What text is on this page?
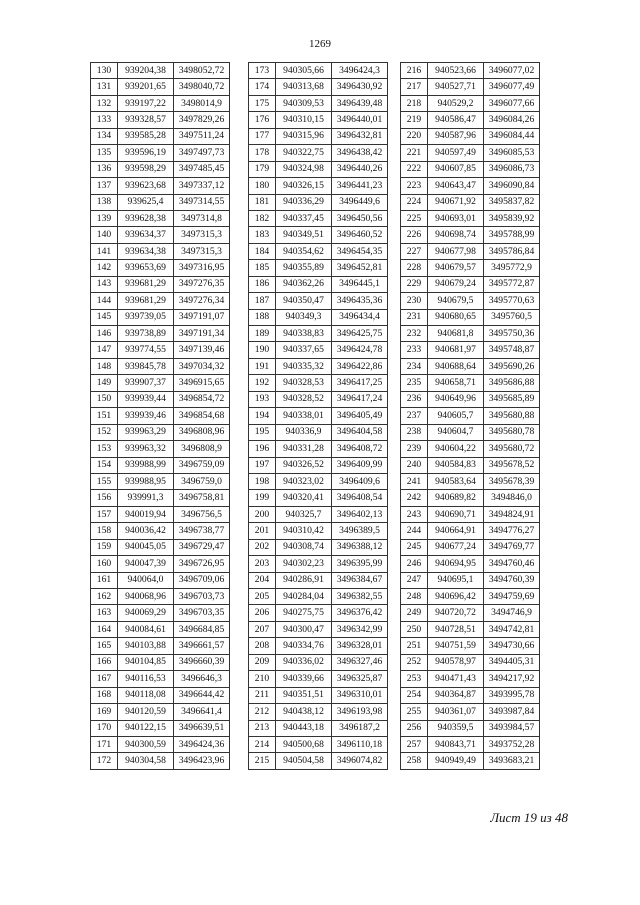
1269
130	939204,38	3498052,72
131	939201,65	3498040,72
132	939197,22	3498014,9
133	939328,57	3497829,26
134	939585,28	3497511,24
135	939596,19	3497497,73
136	939598,29	3497485,45
137	939623,68	3497337,12
138	939625,4	3497314,55
139	939628,38	3497314,8
140	939634,37	3497315,3
141	939634,38	3497315,3
142	939653,69	3497316,95
143	939681,29	3497276,35
144	939681,29	3497276,34
145	939739,05	3497191,07
146	939738,89	3497191,34
147	939774,55	3497139,46
148	939845,78	3497034,32
149	939907,37	3496915,65
150	939939,44	3496854,72
151	939939,46	3496854,68
152	939963,29	3496808,96
153	939963,32	3496808,9
154	939988,99	3496759,09
155	939988,95	3496759,0
156	939991,3	3496758,81
157	940019,94	3496756,5
158	940036,42	3496738,77
159	940045,05	3496729,47
160	940047,39	3496726,95
161	940064,0	3496709,06
162	940068,96	3496703,73
163	940069,29	3496703,35
164	940084,61	3496684,85
165	940103,88	3496661,57
166	940104,85	3496660,39
167	940116,53	3496646,3
168	940118,08	3496644,42
169	940120,59	3496641,4
170	940122,15	3496639,51
171	940300,59	3496424,36
172	940304,58	3496423,96
173	940305,66	3496424,3
174	940313,68	3496430,92
175	940309,53	3496439,48
176	940310,15	3496440,01
177	940315,96	3496432,81
178	940322,75	3496438,42
179	940324,98	3496440,26
180	940326,15	3496441,23
181	940336,29	3496449,6
182	940337,45	3496450,56
183	940349,51	3496460,52
184	940354,62	3496454,35
185	940355,89	3496452,81
186	940362,26	3496445,1
187	940350,47	3496435,36
188	940349,3	3496434,4
189	940338,83	3496425,75
190	940337,65	3496424,78
191	940335,32	3496422,86
192	940328,53	3496417,25
193	940328,52	3496417,24
194	940338,01	3496405,49
195	940336,9	3496404,58
196	940331,28	3496408,72
197	940326,52	3496409,99
198	940323,02	3496409,6
199	940320,41	3496408,54
200	940325,7	3496402,13
201	940310,42	3496389,5
202	940308,74	3496388,12
203	940302,23	3496395,99
204	940286,91	3496384,67
205	940284,04	3496382,55
206	940275,75	3496376,42
207	940300,47	3496342,99
208	940334,76	3496328,01
209	940336,02	3496327,46
210	940339,66	3496325,87
211	940351,51	3496310,01
212	940438,12	3496193,98
213	940443,18	3496187,2
214	940500,68	3496110,18
215	940504,58	3496074,82
216	940523,66	3496077,02
217	940527,71	3496077,49
218	940529,2	3496077,66
219	940586,47	3496084,26
220	940587,96	3496084,44
221	940597,49	3496085,53
222	940607,85	3496086,73
223	940643,47	3496090,84
224	940671,92	3495837,82
225	940693,01	3495839,92
226	940698,74	3495788,99
227	940677,98	3495786,84
228	940679,57	3495772,9
229	940679,24	3495772,87
230	940679,5	3495770,63
231	940680,65	3495760,5
232	940681,8	3495750,36
233	940681,97	3495748,87
234	940688,64	3495690,26
235	940658,71	3495686,88
236	940649,96	3495685,89
237	940605,7	3495680,88
238	940604,7	3495680,78
239	940604,22	3495680,72
240	940584,83	3495678,52
241	940583,64	3495678,39
242	940689,82	3494846,0
243	940690,71	3494824,91
244	940664,91	3494776,27
245	940677,24	3494769,77
246	940694,95	3494760,46
247	940695,1	3494760,39
248	940696,42	3494759,69
249	940720,72	3494746,9
250	940728,51	3494742,81
251	940751,59	3494730,66
252	940578,97	3494405,31
253	940471,43	3494217,92
254	940364,87	3493995,78
255	940361,07	3493987,84
256	940359,5	3493984,57
257	940843,71	3493752,28
258	940949,49	3493683,21
Лист 19 из 48
